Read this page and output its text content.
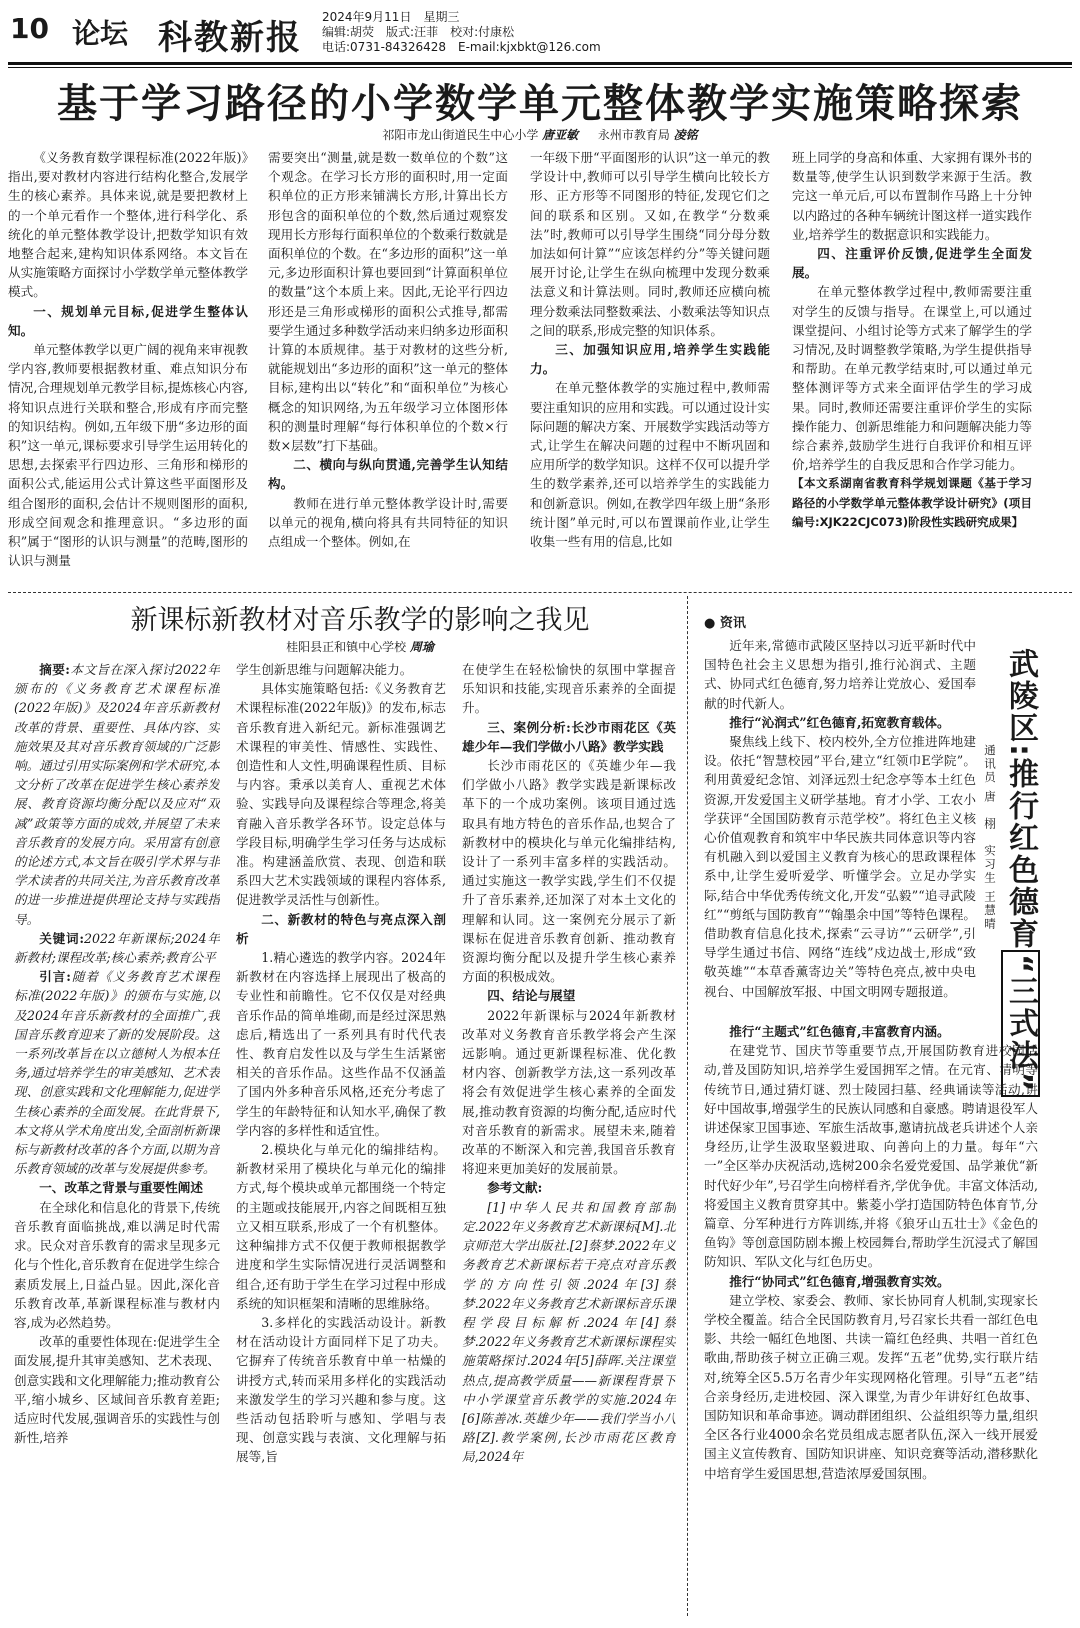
10 论坛 科教新报
2024年9月11日　星期三
编辑:胡荧　版式:汪菲　校对:付康松
电话:0731-84326428　E-mail:kjxbkt@126.com
基于学习路径的小学数学单元整体教学实施策略探索
祁阳市龙山街道民生中心小学 唐亚敏 　 永州市教育局 凌铭

《义务教育数学课程标准(2022年版)》指出,要对教材内容进行结构化整合,发展学生的核心素养。具体来说,就是要把教材上的一个单元看作一个整体,进行科学化、系统化的单元整体教学设计,把数学知识有效地整合起来,建构知识体系网络。本文旨在从实施策略方面探讨小学数学单元整体教学模式。

一、规划单元目标,促进学生整体认知。

单元整体教学以更广阔的视角来审视教学内容,教师要根据教材重、难点知识分布情况,合理规划单元教学目标,提炼核心内容,将知识点进行关联和整合,形成有序而完整的知识结构。例如,五年级下册“多边形的面积”这一单元,课标要求引导学生运用转化的思想,去探索平行四边形、三角形和梯形的面积公式,能运用公式计算这些平面图形及组合图形的面积,会估计不规则图形的面积,形成空间观念和推理意识。“多边形的面积”属于“图形的认识与测量”的范畴,图形的认识与测量

需要突出“测量,就是数一数单位的个数”这个观念。在学习长方形的面积时,用一定面积单位的正方形来铺满长方形,计算出长方形包含的面积单位的个数,然后通过观察发现用长方形每行面积单位的个数乘行数就是面积单位的个数。在“多边形的面积”这一单元,多边形面积计算也要回到“计算面积单位的数量”这个本质上来。因此,无论平行四边形还是三角形或梯形的面积公式推导,都需要学生通过多种数学活动来归纳多边形面积计算的本质规律。基于对教材的这些分析,就能规划出“多边形的面积”这一单元的整体目标,建构出以“转化”和“面积单位”为核心概念的知识网络,为五年级学习立体图形体积的测量时理解“每行体积单位的个数×行数×层数”打下基础。

二、横向与纵向贯通,完善学生认知结构。

教师在进行单元整体教学设计时,需要以单元的视角,横向将具有共同特征的知识点组成一个整体。例如,在

一年级下册“平面图形的认识”这一单元的教学设计中,教师可以引导学生横向比较长方形、正方形等不同图形的特征,发现它们之间的联系和区别。又如,在教学“分数乘法”时,教师可以引导学生围绕“同分母分数加法如何计算”“应该怎样约分”等关键问题展开讨论,让学生在纵向梳理中发现分数乘法意义和计算法则。同时,教师还应横向梳理分数乘法同整数乘法、小数乘法等知识点之间的联系,形成完整的知识体系。

三、加强知识应用,培养学生实践能力。

在单元整体教学的实施过程中,教师需要注重知识的应用和实践。可以通过设计实际问题的解决方案、开展数学实践活动等方式,让学生在解决问题的过程中不断巩固和应用所学的数学知识。这样不仅可以提升学生的数学素养,还可以培养学生的实践能力和创新意识。例如,在教学四年级上册“条形统计图”单元时,可以布置课前作业,让学生收集一些有用的信息,比如

班上同学的身高和体重、大家拥有课外书的数量等,使学生认识到数学来源于生活。教完这一单元后,可以布置制作马路上十分钟以内路过的各种车辆统计图这样一道实践作业,培养学生的数据意识和实践能力。

四、注重评价反馈,促进学生全面发展。

在单元整体教学过程中,教师需要注重对学生的反馈与指导。在课堂上,可以通过课堂提问、小组讨论等方式来了解学生的学习情况,及时调整教学策略,为学生提供指导和帮助。在单元教学结束时,可以通过单元整体测评等方式来全面评估学生的学习成果。同时,教师还需要注重评价学生的实际操作能力、创新思维能力和问题解决能力等综合素养,鼓励学生进行自我评价和相互评价,培养学生的自我反思和合作学习能力。

【本文系湖南省教育科学规划课题《基于学习路径的小学数学单元整体教学设计研究》(项目编号:XJK22CJC073)阶段性实践研究成果】

新课标新教材对音乐教学的影响之我见
桂阳县正和镇中心学校 周瑜

摘要:本文旨在深入探讨2022年颁布的《义务教育艺术课程标准(2022年版)》及2024年音乐新教材改革的背景、重要性、具体内容、实施效果及其对音乐教育领域的广泛影响。通过引用实际案例和学术研究,本文分析了改革在促进学生核心素养发展、教育资源均衡分配以及应对“双减”政策等方面的成效,并展望了未来音乐教育的发展方向。采用富有创意的论述方式,本文旨在吸引学术界与非学术读者的共同关注,为音乐教育改革的进一步推进提供理论支持与实践指导。

关键词:2022年新课标;2024年新教材;课程改革;核心素养;教育公平

引言:随着《义务教育艺术课程标准(2022年版)》的颁布与实施,以及2024年音乐新教材的全面推广,我国音乐教育迎来了新的发展阶段。这一系列改革旨在以立德树人为根本任务,通过培养学生的审美感知、艺术表现、创意实践和文化理解能力,促进学生核心素养的全面发展。在此背景下,本文将从学术角度出发,全面剖析新课标与新教材改革的各个方面,以期为音乐教育领域的改革与发展提供参考。

一、改革之背景与重要性阐述

在全球化和信息化的背景下,传统音乐教育面临挑战,难以满足时代需求。民众对音乐教育的需求呈现多元化与个性化,音乐教育在促进学生综合素质发展上,日益凸显。因此,深化音乐教育改革,革新课程标准与教材内容,成为必然趋势。

改革的重要性体现在:促进学生全面发展,提升其审美感知、艺术表现、创意实践和文化理解能力;推动教育公平,缩小城乡、区域间音乐教育差距;适应时代发展,强调音乐的实践性与创新性,培养

学生创新思维与问题解决能力。

具体实施策略包括:《义务教育艺术课程标准(2022年版)》的发布,标志音乐教育进入新纪元。新标准强调艺术课程的审美性、情感性、实践性、创造性和人文性,明确课程性质、目标与内容。秉承以美育人、重视艺术体验、实践导向及课程综合等理念,将美育融入音乐教学各环节。设定总体与学段目标,明确学生学习任务与达成标准。构建涵盖欣赏、表现、创造和联系四大艺术实践领域的课程内容体系,促进教学灵活性与创新性。

二、新教材的特色与亮点深入剖析

1.精心遴选的教学内容。2024年新教材在内容选择上展现出了极高的专业性和前瞻性。它不仅仅是对经典音乐作品的简单堆砌,而是经过深思熟虑后,精选出了一系列具有时代代表性、教育启发性以及与学生生活紧密相关的音乐作品。这些作品不仅涵盖了国内外多种音乐风格,还充分考虑了学生的年龄特征和认知水平,确保了教学内容的多样性和适宜性。

2.模块化与单元化的编排结构。新教材采用了模块化与单元化的编排方式,每个模块或单元都围绕一个特定的主题或技能展开,内容之间既相互独立又相互联系,形成了一个有机整体。这种编排方式不仅便于教师根据教学进度和学生实际情况进行灵活调整和组合,还有助于学生在学习过程中形成系统的知识框架和清晰的思维脉络。

3.多样化的实践活动设计。新教材在活动设计方面同样下足了功夫。它摒弃了传统音乐教育中单一枯燥的讲授方式,转而采用多样化的实践活动来激发学生的学习兴趣和参与度。这些活动包括聆听与感知、学唱与表现、创意实践与表演、文化理解与拓展等,旨

在使学生在轻松愉快的氛围中掌握音乐知识和技能,实现音乐素养的全面提升。

三、案例分析:长沙市雨花区《英雄少年—我们学做小八路》教学实践

长沙市雨花区的《英雄少年—我们学做小八路》教学实践是新课标改革下的一个成功案例。该项目通过选取具有地方特色的音乐作品,也契合了新教材中的模块化与单元化编排结构,设计了一系列丰富多样的实践活动。通过实施这一教学实践,学生们不仅提升了音乐素养,还加深了对本土文化的理解和认同。这一案例充分展示了新课标在促进音乐教育创新、推动教育资源均衡分配以及提升学生核心素养方面的积极成效。

四、结论与展望

2022年新课标与2024年新教材改革对义务教育音乐教学将会产生深远影响。通过更新课程标准、优化教材内容、创新教学方法,这一系列改革将会有效促进学生核心素养的全面发展,推动教育资源的均衡分配,适应时代对音乐教育的新需求。展望未来,随着改革的不断深入和完善,我国音乐教育将迎来更加美好的发展前景。

参考文献:

[1]中华人民共和国教育部制定.2022年义务教育艺术新课标[M].北京师范大学出版社.[2]蔡梦.2022年义务教育艺术新课标若干亮点对音乐教学的方向性引领.2024年[3]蔡梦.2022年义务教育艺术新课标音乐课程学段目标解析.2024年[4]蔡梦.2022年义务教育艺术新课标课程实施策略探讨.2024年[5]薛晖.关注课堂热点,提高教学质量——新课程背景下中小学课堂音乐教学的实施.2024年[6]陈善冰.英雄少年——我们学当小八路[Z].教学案例,长沙市雨花区教育局,2024年

● 资讯
武陵区:推行红色德育“三式法”
通讯员 唐　栩　实习生 王慧晴

近年来,常德市武陵区坚持以习近平新时代中国特色社会主义思想为指引,推行沁润式、主题式、协同式红色德育,努力培养让党放心、爱国奉献的时代新人。

推行“沁润式”红色德育,拓宽教育载体。

聚焦线上线下、校内校外,全方位推进阵地建设。依托“智慧校园”平台,建立“红领巾E学院”。利用黄爱纪念馆、刘泽远烈士纪念亭等本土红色资源,开发爱国主义研学基地。育才小学、工农小学获评“全国国防教育示范学校”。将红色主义核心价值观教育和筑牢中华民族共同体意识等内容有机融入到以爱国主义教育为核心的思政课程体系中,让学生爱听爱学、听懂学会。立足办学实际,结合中华优秀传统文化,开发“弘毅”“追寻武陵红”“剪纸与国防教育”“翰墨余中国”等特色课程。借助教育信息化技术,探索“云寻访”“云研学”,引导学生通过书信、网络“连线”戍边战士,形成“致敬英雄”“本草香薰寄边关”等特色亮点,被中央电视台、中国解放军报、中国文明网专题报道。

推行“主题式”红色德育,丰富教育内涵。

在建党节、国庆节等重要节点,开展国防教育进校园活动,普及国防知识,培养学生爱国拥军之情。在元宵、清明等传统节日,通过猜灯谜、烈士陵园扫墓、经典诵读等活动,讲好中国故事,增强学生的民族认同感和自豪感。聘请退役军人讲述保家卫国事迹、军旅生活故事,邀请抗战老兵讲述个人亲身经历,让学生汲取坚毅进取、向善向上的力量。每年“六一”全区举办庆祝活动,选树200余名爱党爱国、品学兼优“新时代好少年”,号召学生向榜样看齐,学优争优。丰富文体活动,将爱国主义教育贯穿其中。紫菱小学打造国防特色体育节,分篇章、分军种进行方阵训练,并将《狼牙山五壮士》《金色的鱼钩》等创意国防剧本搬上校园舞台,帮助学生沉浸式了解国防知识、军队文化与红色历史。

推行“协同式”红色德育,增强教育实效。

建立学校、家委会、教师、家长协同育人机制,实现家长学校全覆盖。结合全民国防教育月,号召家长共看一部红色电影、共绘一幅红色地图、共读一篇红色经典、共唱一首红色歌曲,帮助孩子树立正确三观。发挥“五老”优势,实行联片结对,统筹全区5.5万名青少年实现网格化管理。引导“五老”结合亲身经历,走进校园、深入课堂,为青少年讲好红色故事、国防知识和革命事迹。调动群团组织、公益组织等力量,组织全区各行业4000余名党员组成志愿者队伍,深入一线开展爱国主义宣传教育、国防知识讲座、知识竞赛等活动,潜移默化中培育学生爱国思想,营造浓厚爱国氛围。
